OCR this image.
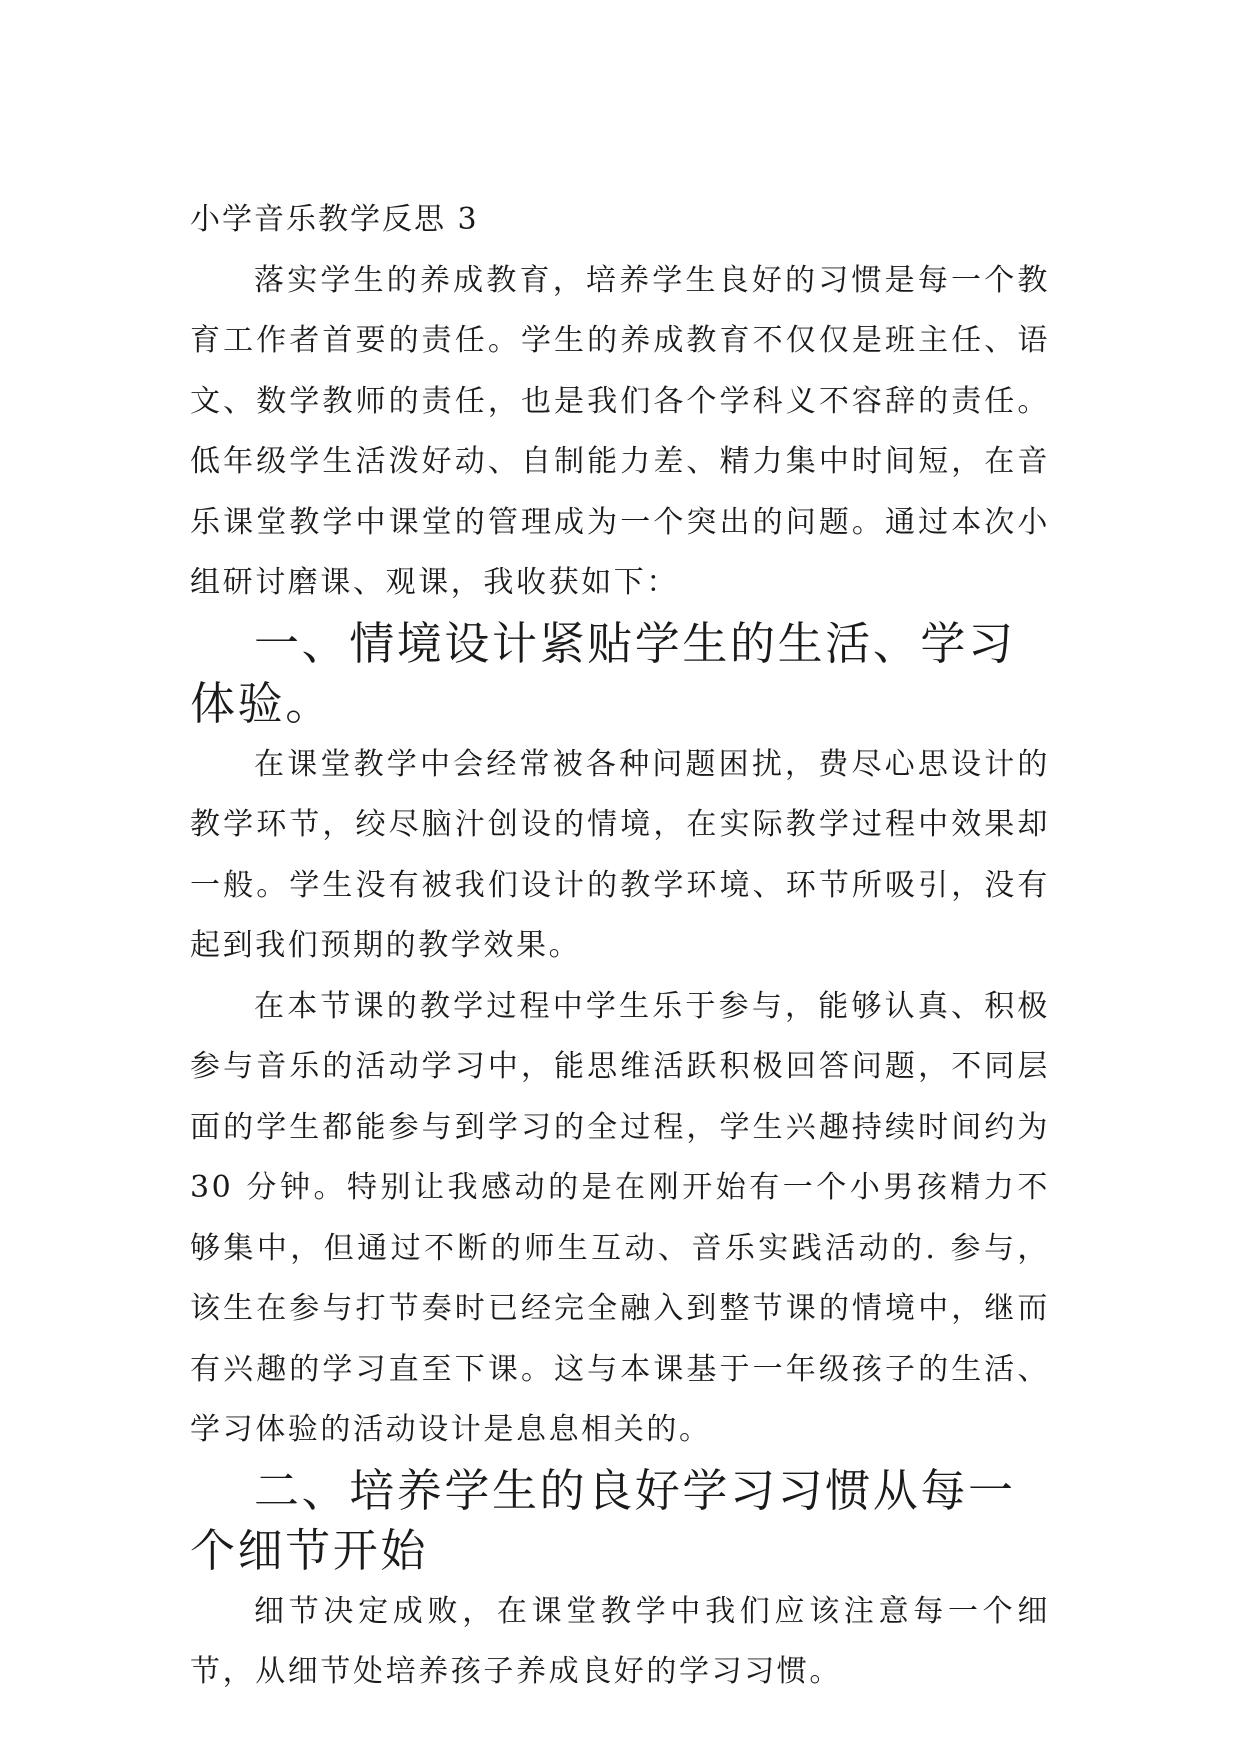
小学音乐教学反思 3

落实学生的养成教育，培养学生良好的习惯是每一个教育工作者首要的责任。学生的养成教育不仅仅是班主任、语文、数学教师的责任，也是我们各个学科义不容辞的责任。低年级学生活泼好动、自制能力差、精力集中时间短，在音乐课堂教学中课堂的管理成为一个突出的问题。通过本次小组研讨磨课、观课，我收获如下：

一、情境设计紧贴学生的生活、学习体验。

在课堂教学中会经常被各种问题困扰，费尽心思设计的教学环节，绞尽脑汁创设的情境，在实际教学过程中效果却一般。学生没有被我们设计的教学环境、环节所吸引，没有起到我们预期的教学效果。

在本节课的教学过程中学生乐于参与，能够认真、积极参与音乐的活动学习中，能思维活跃积极回答问题，不同层面的学生都能参与到学习的全过程，学生兴趣持续时间约为 30 分钟。特别让我感动的是在刚开始有一个小男孩精力不够集中，但通过不断的师生互动、音乐实践活动的. 参与，该生在参与打节奏时已经完全融入到整节课的情境中，继而有兴趣的学习直至下课。这与本课基于一年级孩子的生活、学习体验的活动设计是息息相关的。

二、培养学生的良好学习习惯从每一个细节开始

细节决定成败，在课堂教学中我们应该注意每一个细节，从细节处培养孩子养成良好的学习习惯。
